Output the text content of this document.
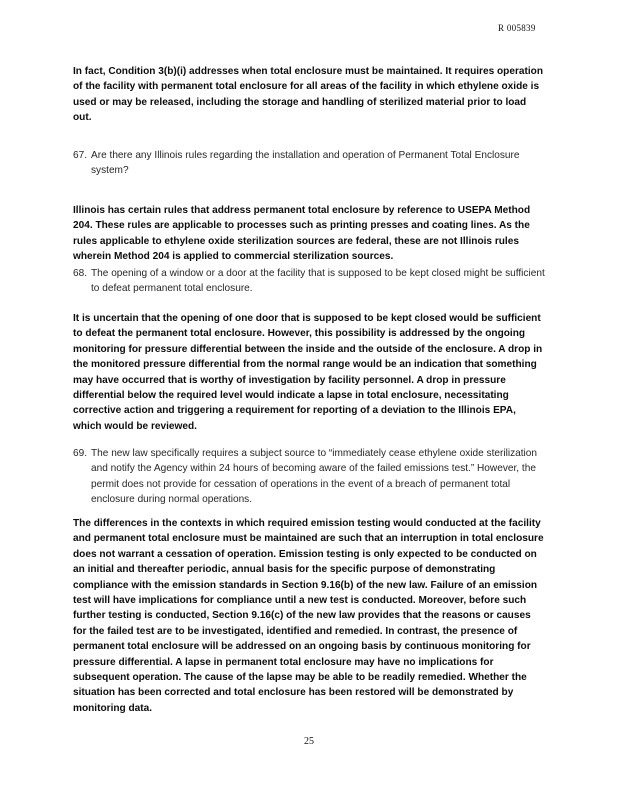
R 005839

In fact, Condition 3(b)(i) addresses when total enclosure must be maintained. It requires operation of the facility with permanent total enclosure for all areas of the facility in which ethylene oxide is used or may be released, including the storage and handling of sterilized material prior to load out.

67. Are there any Illinois rules regarding the installation and operation of Permanent Total Enclosure system?

Illinois has certain rules that address permanent total enclosure by reference to USEPA Method 204. These rules are applicable to processes such as printing presses and coating lines. As the rules applicable to ethylene oxide sterilization sources are federal, these are not Illinois rules wherein Method 204 is applied to commercial sterilization sources.

68. The opening of a window or a door at the facility that is supposed to be kept closed might be sufficient to defeat permanent total enclosure.

It is uncertain that the opening of one door that is supposed to be kept closed would be sufficient to defeat the permanent total enclosure. However, this possibility is addressed by the ongoing monitoring for pressure differential between the inside and the outside of the enclosure. A drop in the monitored pressure differential from the normal range would be an indication that something may have occurred that is worthy of investigation by facility personnel. A drop in pressure differential below the required level would indicate a lapse in total enclosure, necessitating corrective action and triggering a requirement for reporting of a deviation to the Illinois EPA, which would be reviewed.

69. The new law specifically requires a subject source to “immediately cease ethylene oxide sterilization and notify the Agency within 24 hours of becoming aware of the failed emissions test.” However, the permit does not provide for cessation of operations in the event of a breach of permanent total enclosure during normal operations.

The differences in the contexts in which required emission testing would conducted at the facility and permanent total enclosure must be maintained are such that an interruption in total enclosure does not warrant a cessation of operation. Emission testing is only expected to be conducted on an initial and thereafter periodic, annual basis for the specific purpose of demonstrating compliance with the emission standards in Section 9.16(b) of the new law. Failure of an emission test will have implications for compliance until a new test is conducted. Moreover, before such further testing is conducted, Section 9.16(c) of the new law provides that the reasons or causes for the failed test are to be investigated, identified and remedied. In contrast, the presence of permanent total enclosure will be addressed on an ongoing basis by continuous monitoring for pressure differential. A lapse in permanent total enclosure may have no implications for subsequent operation. The cause of the lapse may be able to be readily remedied. Whether the situation has been corrected and total enclosure has been restored will be demonstrated by monitoring data.

25
